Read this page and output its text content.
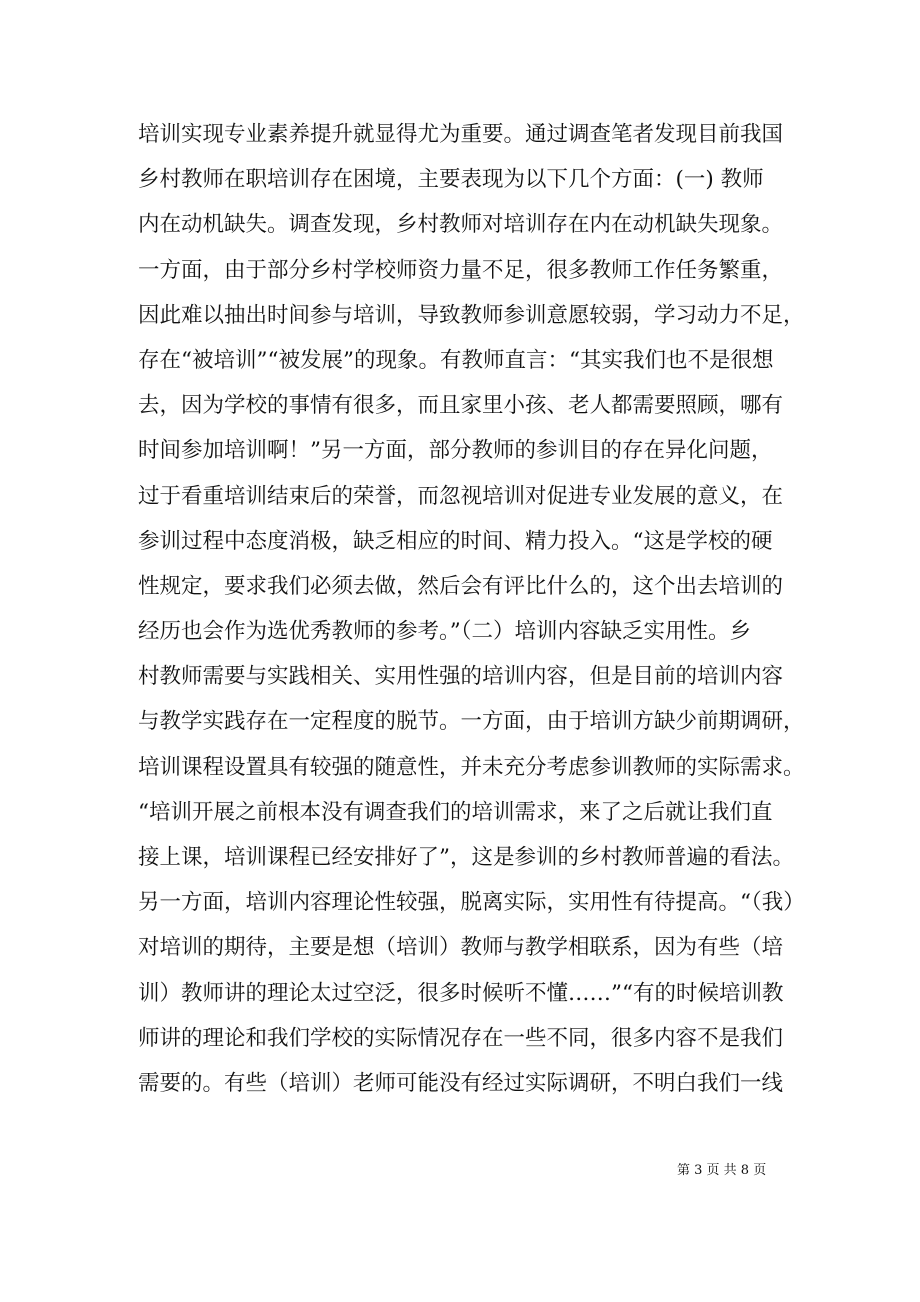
培训实现专业素养提升就显得尤为重要。通过调查笔者发现目前我国
乡村教师在职培训存在困境，主要表现为以下几个方面：(一) 教师
内在动机缺失。调查发现，乡村教师对培训存在内在动机缺失现象。
一方面，由于部分乡村学校师资力量不足，很多教师工作任务繁重，
因此难以抽出时间参与培训，导致教师参训意愿较弱，学习动力不足，
存在“被培训”“被发展”的现象。有教师直言：“其实我们也不是很想
去，因为学校的事情有很多，而且家里小孩、老人都需要照顾，哪有
时间参加培训啊！”另一方面，部分教师的参训目的存在异化问题，
过于看重培训结束后的荣誉，而忽视培训对促进专业发展的意义，在
参训过程中态度消极，缺乏相应的时间、精力投入。“这是学校的硬
性规定，要求我们必须去做，然后会有评比什么的，这个出去培训的
经历也会作为选优秀教师的参考。”（二）培训内容缺乏实用性。乡
村教师需要与实践相关、实用性强的培训内容，但是目前的培训内容
与教学实践存在一定程度的脱节。一方面，由于培训方缺少前期调研，
培训课程设置具有较强的随意性，并未充分考虑参训教师的实际需求。
“培训开展之前根本没有调查我们的培训需求，来了之后就让我们直
接上课，培训课程已经安排好了”，这是参训的乡村教师普遍的看法。
另一方面，培训内容理论性较强，脱离实际，实用性有待提高。“（我）
对培训的期待，主要是想（培训）教师与教学相联系，因为有些（培
训）教师讲的理论太过空泛，很多时候听不懂……”“有的时候培训教
师讲的理论和我们学校的实际情况存在一些不同，很多内容不是我们
需要的。有些（培训）老师可能没有经过实际调研，不明白我们一线
第 3 页 共 8 页
